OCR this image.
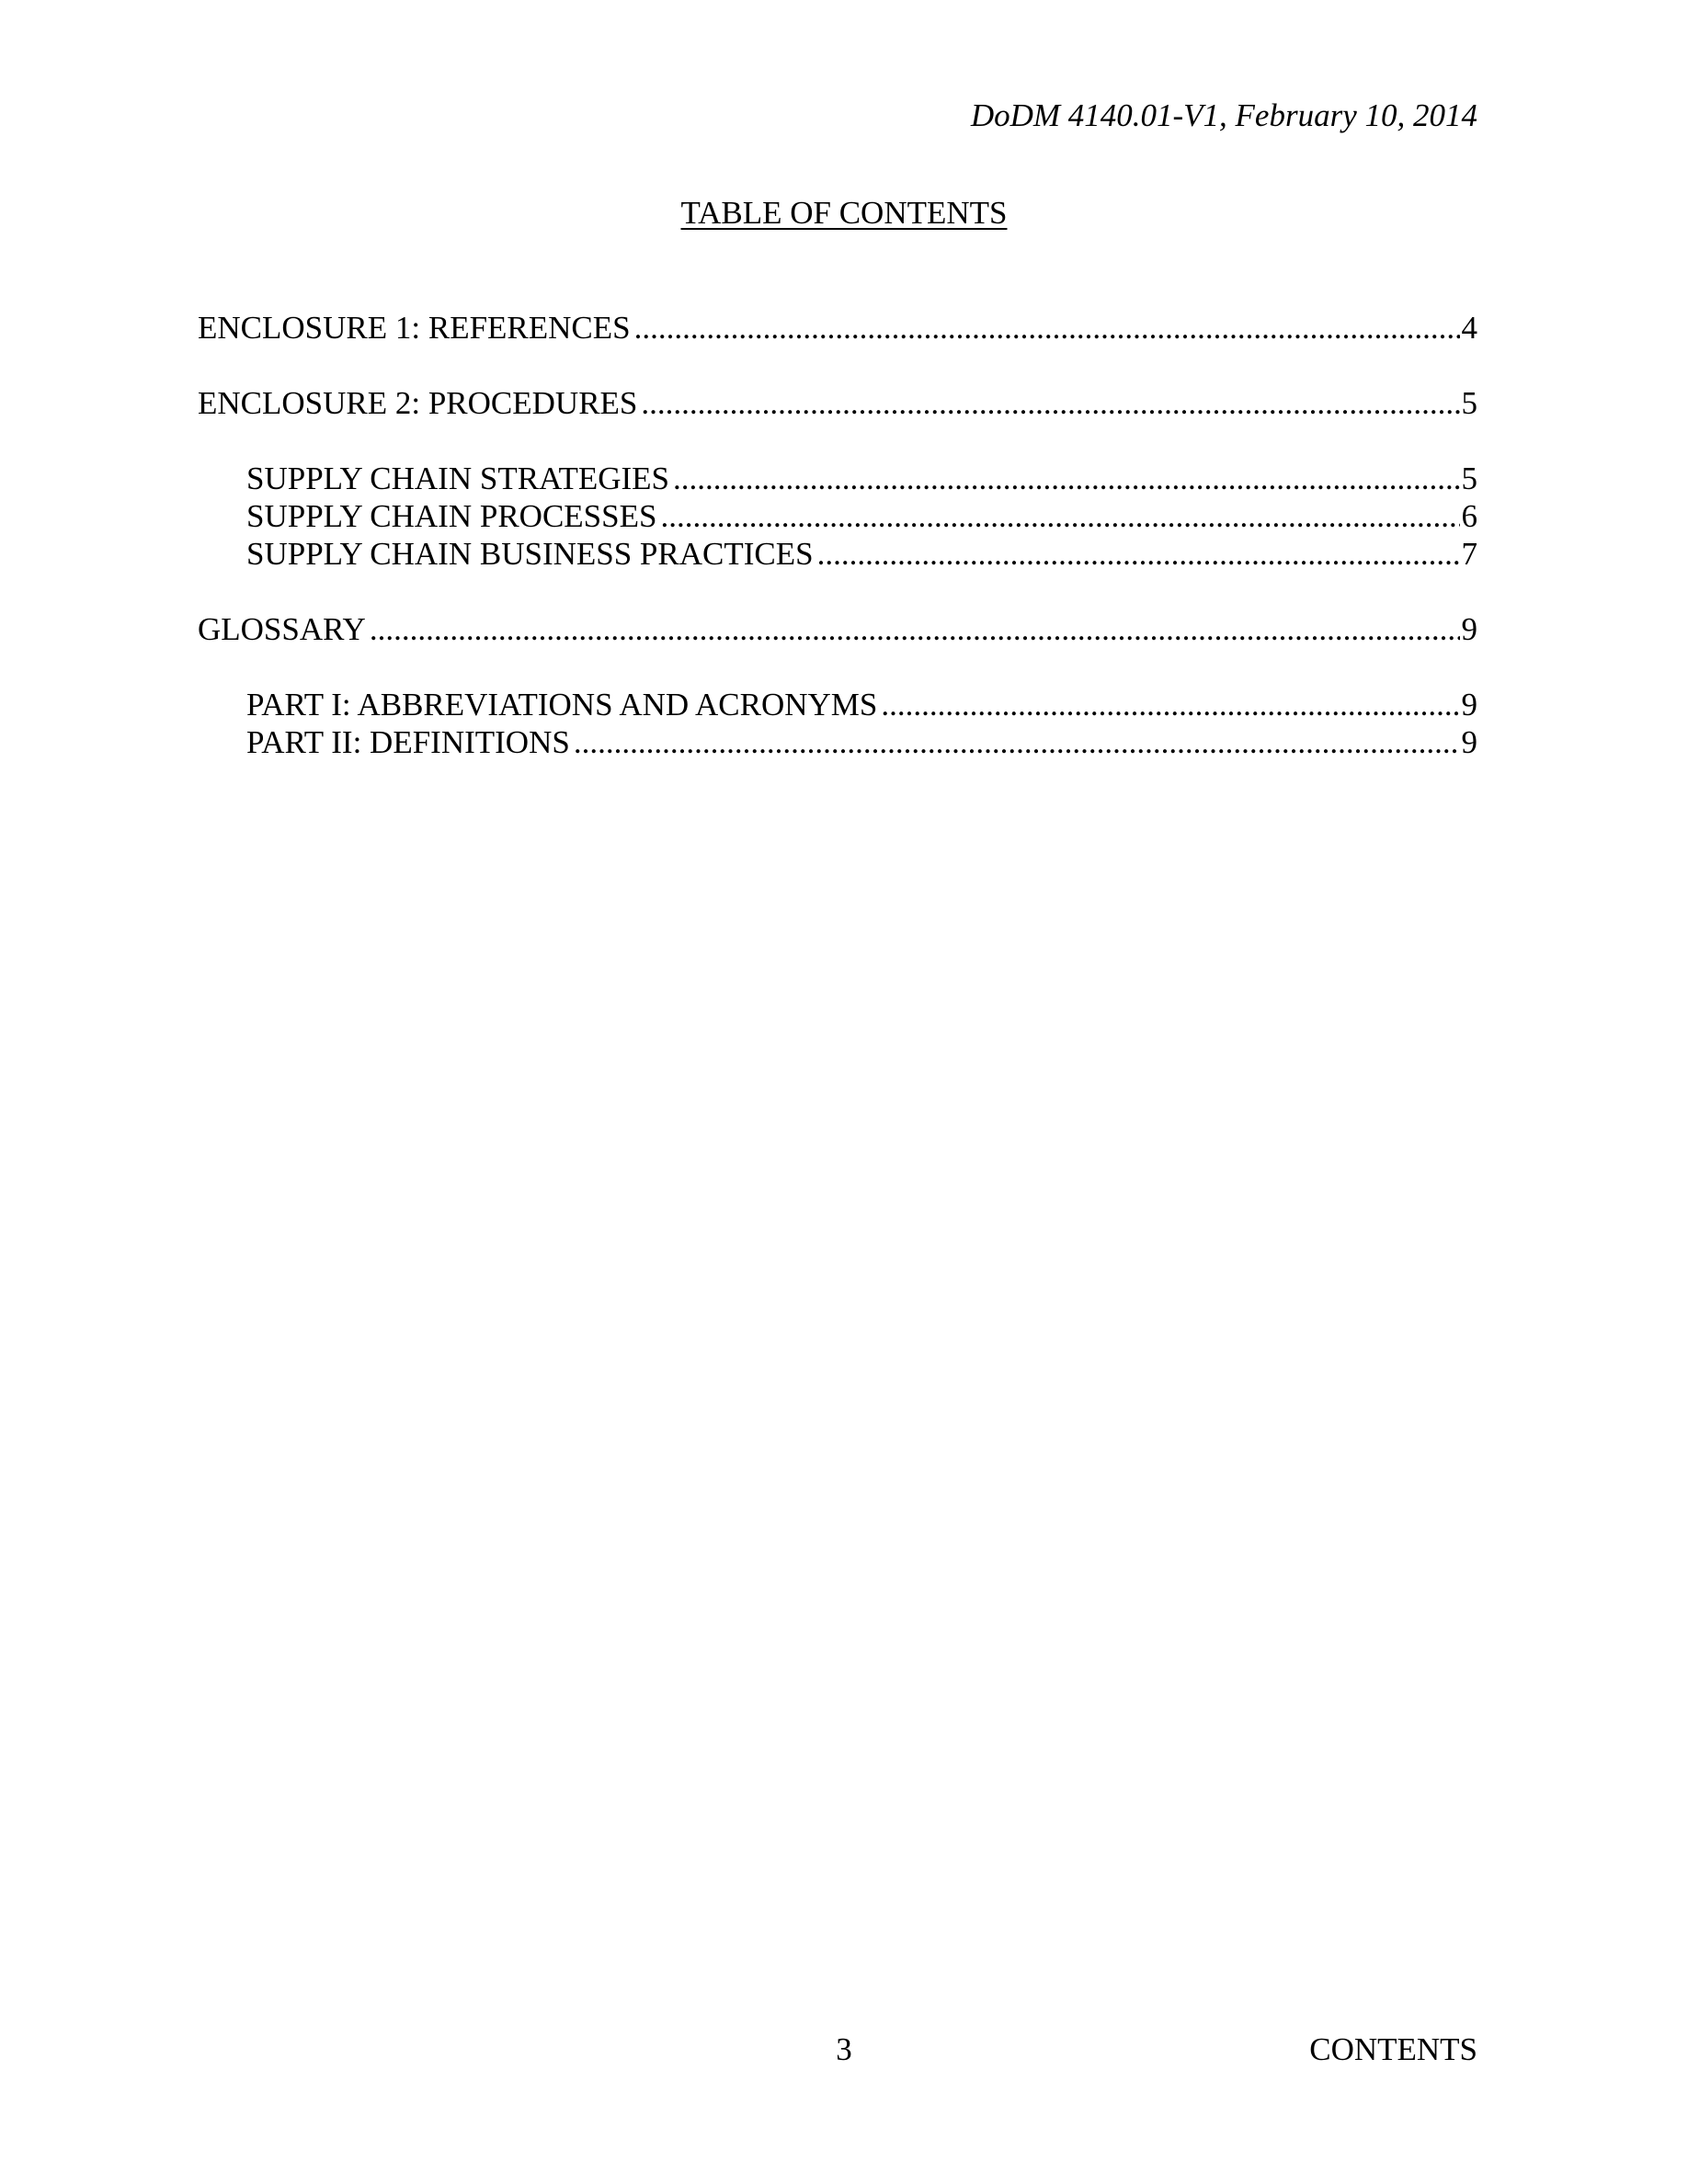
DoDM 4140.01-V1, February 10, 2014
TABLE OF CONTENTS
ENCLOSURE 1: REFERENCES .....	4
ENCLOSURE 2: PROCEDURES .....	5
SUPPLY CHAIN STRATEGIES .....	5
SUPPLY CHAIN PROCESSES .....	6
SUPPLY CHAIN BUSINESS PRACTICES .....	7
GLOSSARY .....	9
PART I: ABBREVIATIONS AND ACRONYMS .....	9
PART II: DEFINITIONS .....	9
3	CONTENTS
